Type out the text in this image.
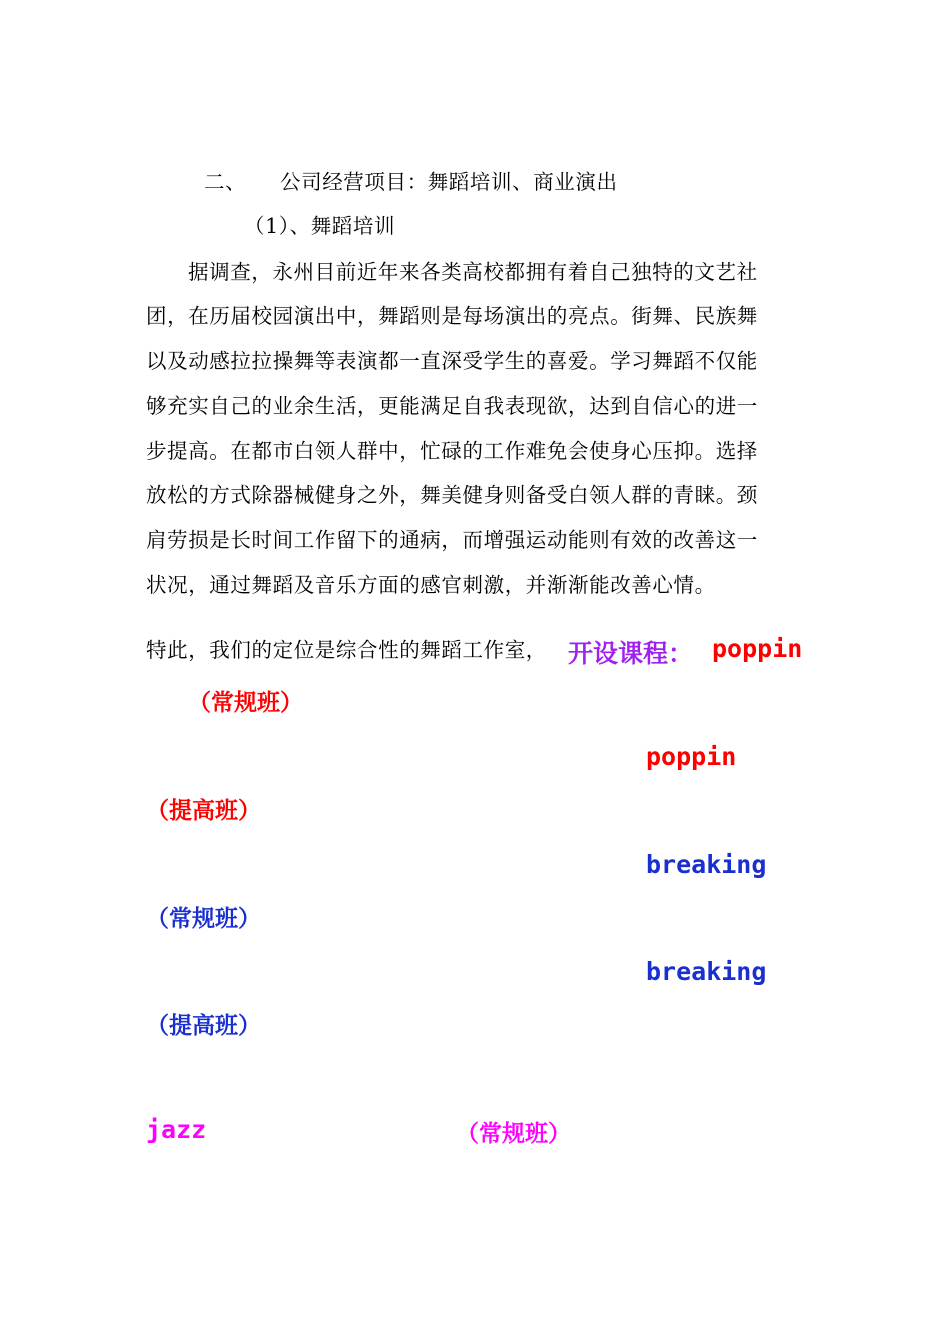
二、 公司经营项目：舞蹈培训、商业演出
（1）、舞蹈培训
据调查，永州目前近年来各类高校都拥有着自己独特的文艺社
团，在历届校园演出中，舞蹈则是每场演出的亮点。街舞、民族舞
以及动感拉拉操舞等表演都一直深受学生的喜爱。学习舞蹈不仅能
够充实自己的业余生活，更能满足自我表现欲，达到自信心的进一
步提高。在都市白领人群中，忙碌的工作难免会使身心压抑。选择
放松的方式除器械健身之外，舞美健身则备受白领人群的青睐。颈
肩劳损是长时间工作留下的通病，而增强运动能则有效的改善这一
状况，通过舞蹈及音乐方面的感官刺激，并渐渐能改善心情。
特此，我们的定位是综合性的舞蹈工作室， 开设课程： poppin
（常规班）
poppin
（提高班）
breaking
（常规班）
breaking
（提高班）
jazz	（常规班）
